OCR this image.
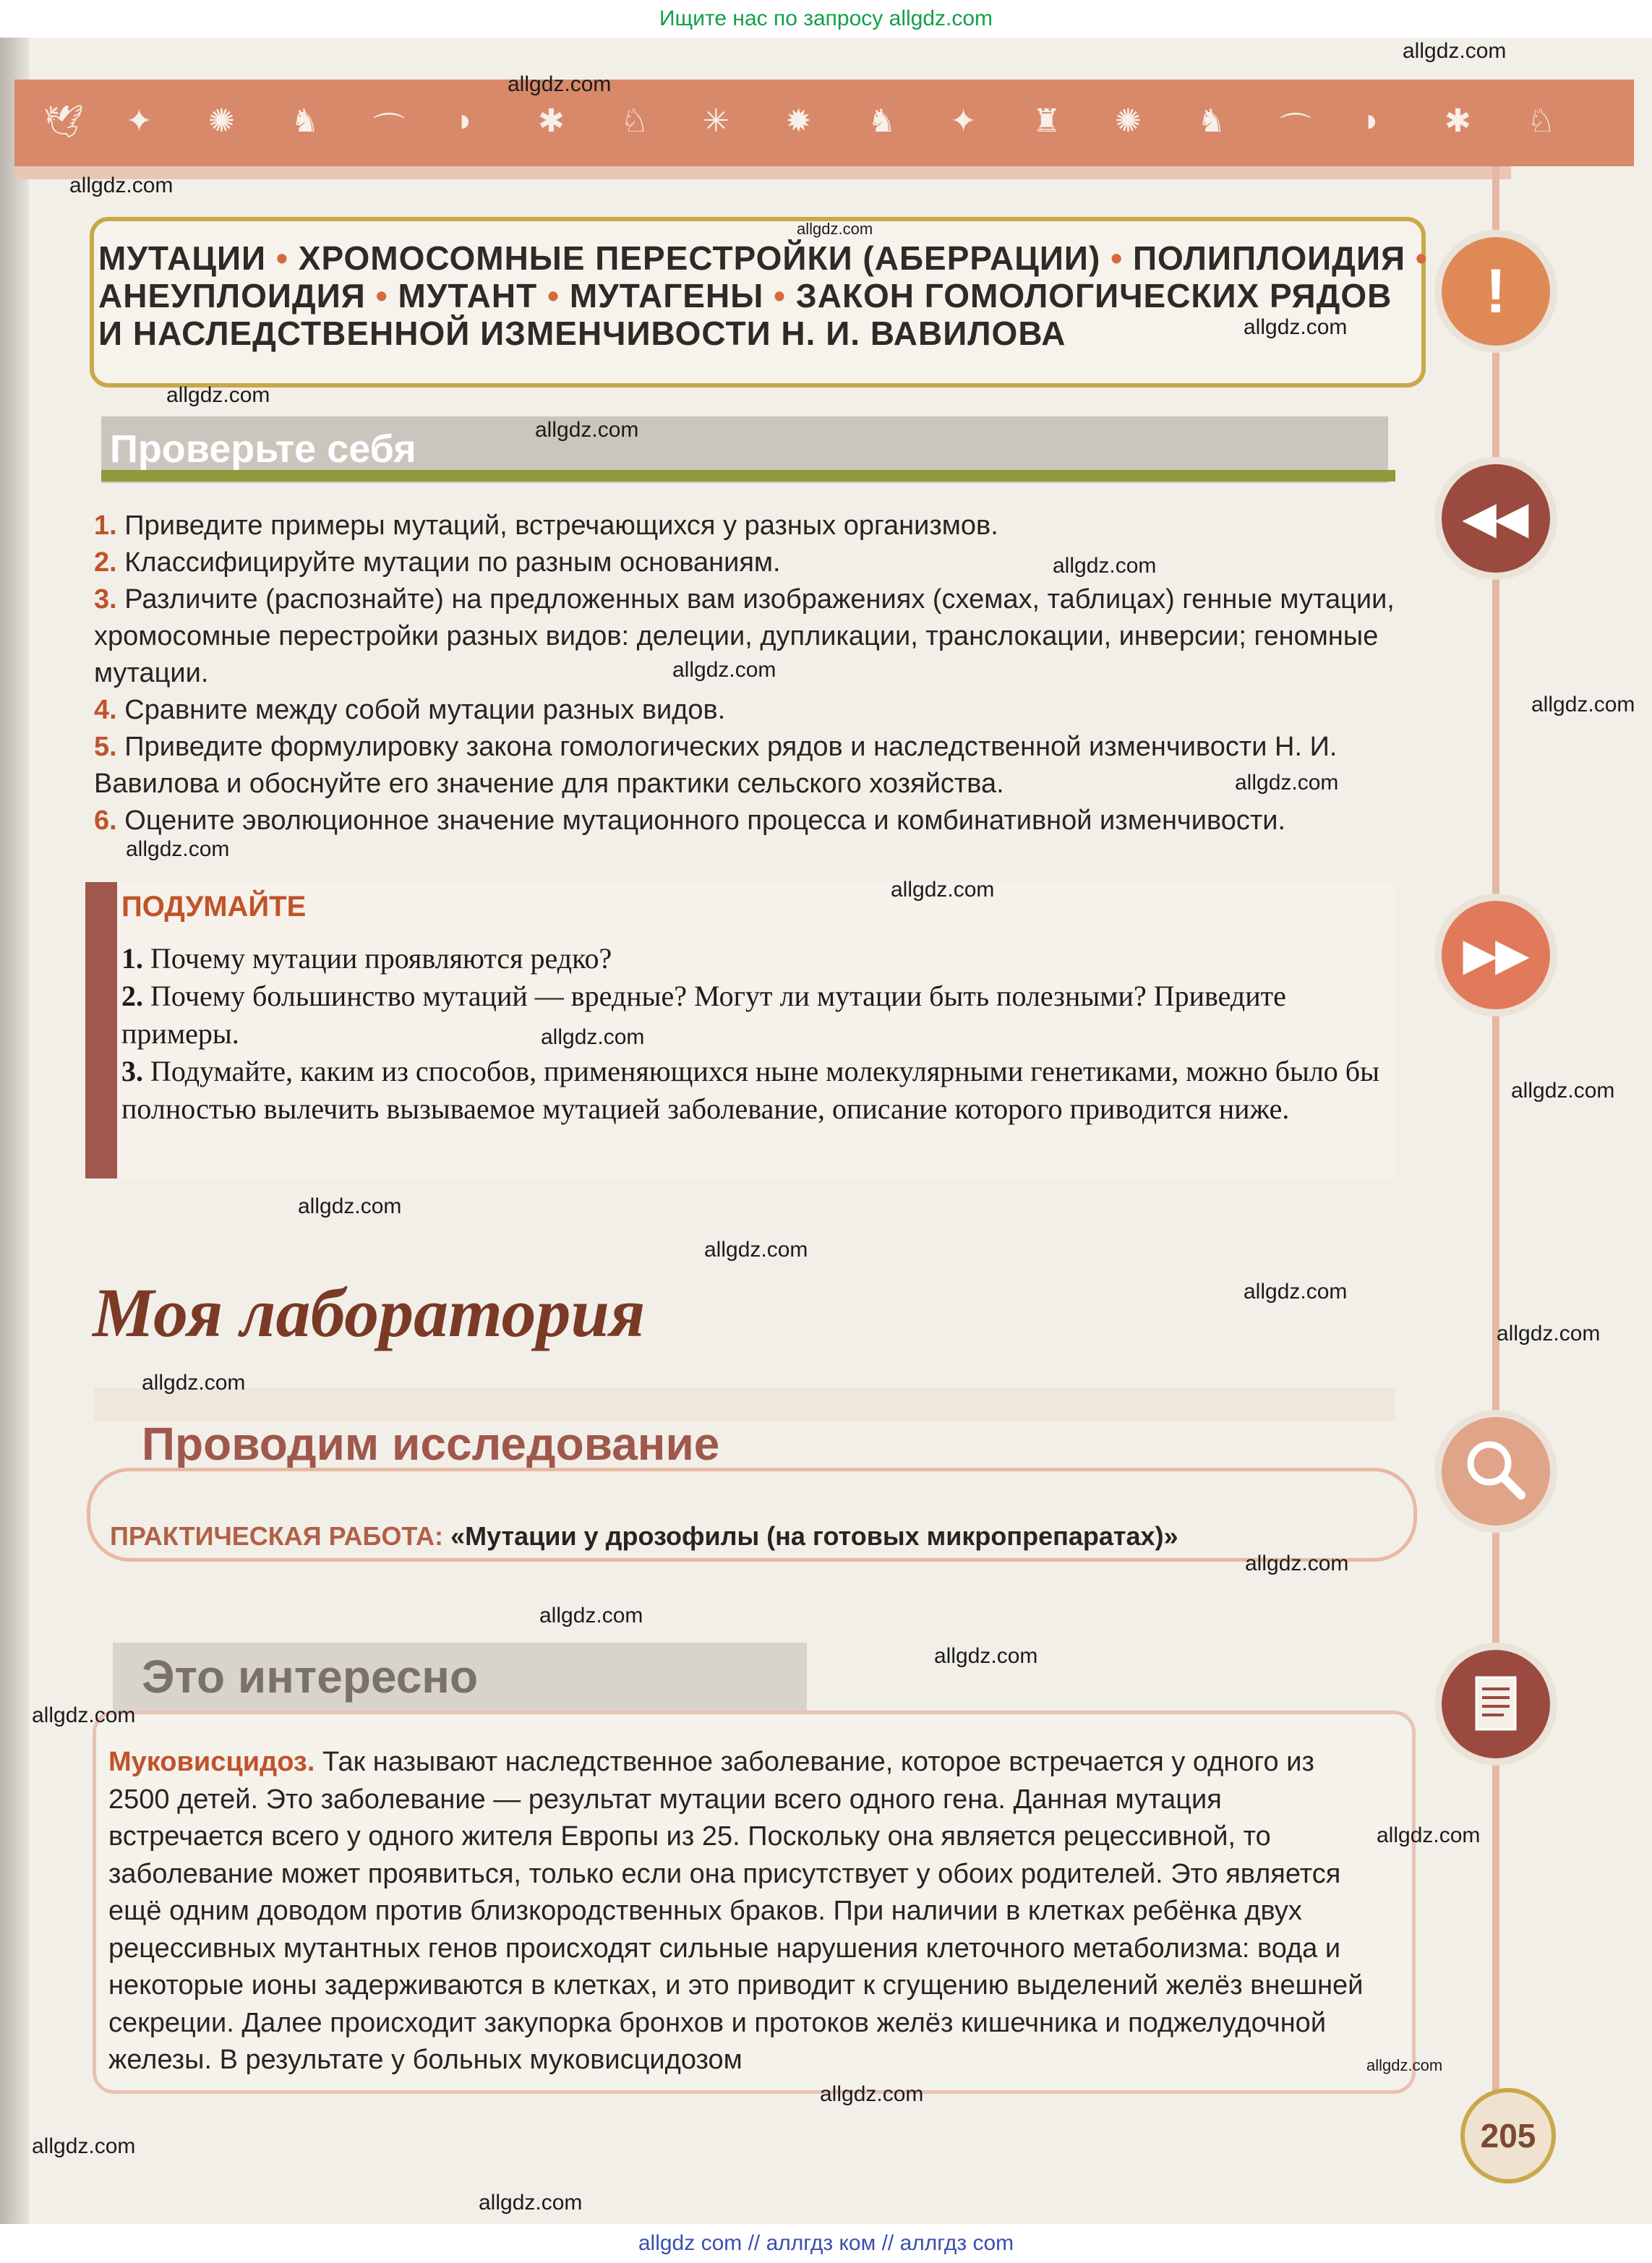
Ищите нас по запросу allgdz.com
🕊 ✦ ✺ ♞ ⌒ ◗ ✱ ♘ ✳ ✹ ♞ ✦ ♜ ✺ ♞ ⌒ ◗ ✱ ♘
МУТАЦИИ • ХРОМОСОМНЫЕ ПЕРЕСТРОЙКИ (АБЕРРАЦИИ) • ПОЛИПЛОИДИЯ •
АНЕУПЛОИДИЯ • МУТАНТ • МУТАГЕНЫ • ЗАКОН ГОМОЛОГИЧЕСКИХ РЯДОВ
И НАСЛЕДСТВЕННОЙ ИЗМЕНЧИВОСТИ Н. И. ВАВИЛОВА
Проверьте себя
1. Приведите примеры мутаций, встречающихся у разных организмов.
2. Классифицируйте мутации по разным основаниям.
3. Различите (распознайте) на предложенных вам изображениях (схемах, таблицах) генные мутации, хромосомные перестройки разных видов: делеции, дупликации, транслокации, инверсии; геномные мутации.
4. Сравните между собой мутации разных видов.
5. Приведите формулировку закона гомологических рядов и наследственной изменчивости Н. И. Вавилова и обоснуйте его значение для практики сельского хозяйства.
6. Оцените эволюционное значение мутационного процесса и комбинативной изменчивости.
ПОДУМАЙТЕ
1. Почему мутации проявляются редко?
2. Почему большинство мутаций — вредные? Могут ли мутации быть полезными? Приведите примеры.
3. Подумайте, каким из способов, применяющихся ныне молекулярными генетиками, можно было бы полностью вылечить вызываемое мутацией заболевание, описание которого приводится ниже.
Моя лаборатория
Проводим исследование
ПРАКТИЧЕСКАЯ РАБОТА: «Мутации у дрозофилы (на готовых микропрепаратах)»
Это интересно
Муковисцидоз. Так называют наследственное заболевание, которое встречается у одного из 2500 детей. Это заболевание — результат мутации всего одного гена. Данная мутация встречается всего у одного жителя Европы из 25. Поскольку она является рецессивной, то заболевание может проявиться, только если она присутствует у обоих родителей. Это является ещё одним доводом против близкородственных браков. При наличии в клетках ребёнка двух рецессивных мутантных генов происходят сильные нарушения клеточного метаболизма: вода и некоторые ионы задерживаются в клетках, и это приводит к сгущению выделений желёз внешней секреции. Далее происходит закупорка бронхов и протоков желёз кишечника и поджелудочной железы. В результате у больных муковисцидозом
!
◀◀
▶▶
205
allgdz.com
allgdz.com
allgdz.com
allgdz.com
allgdz.com
allgdz.com
allgdz.com
allgdz.com
allgdz.com
allgdz.com
allgdz.com
allgdz.com
allgdz.com
allgdz.com
allgdz.com
allgdz.com
allgdz.com
allgdz.com
allgdz.com
allgdz.com
allgdz.com
allgdz.com
allgdz.com
allgdz.com
allgdz.com
allgdz.com
allgdz.com
allgdz.com
allgdz.com
allgdz com // аллгдз ком // аллгдз com
